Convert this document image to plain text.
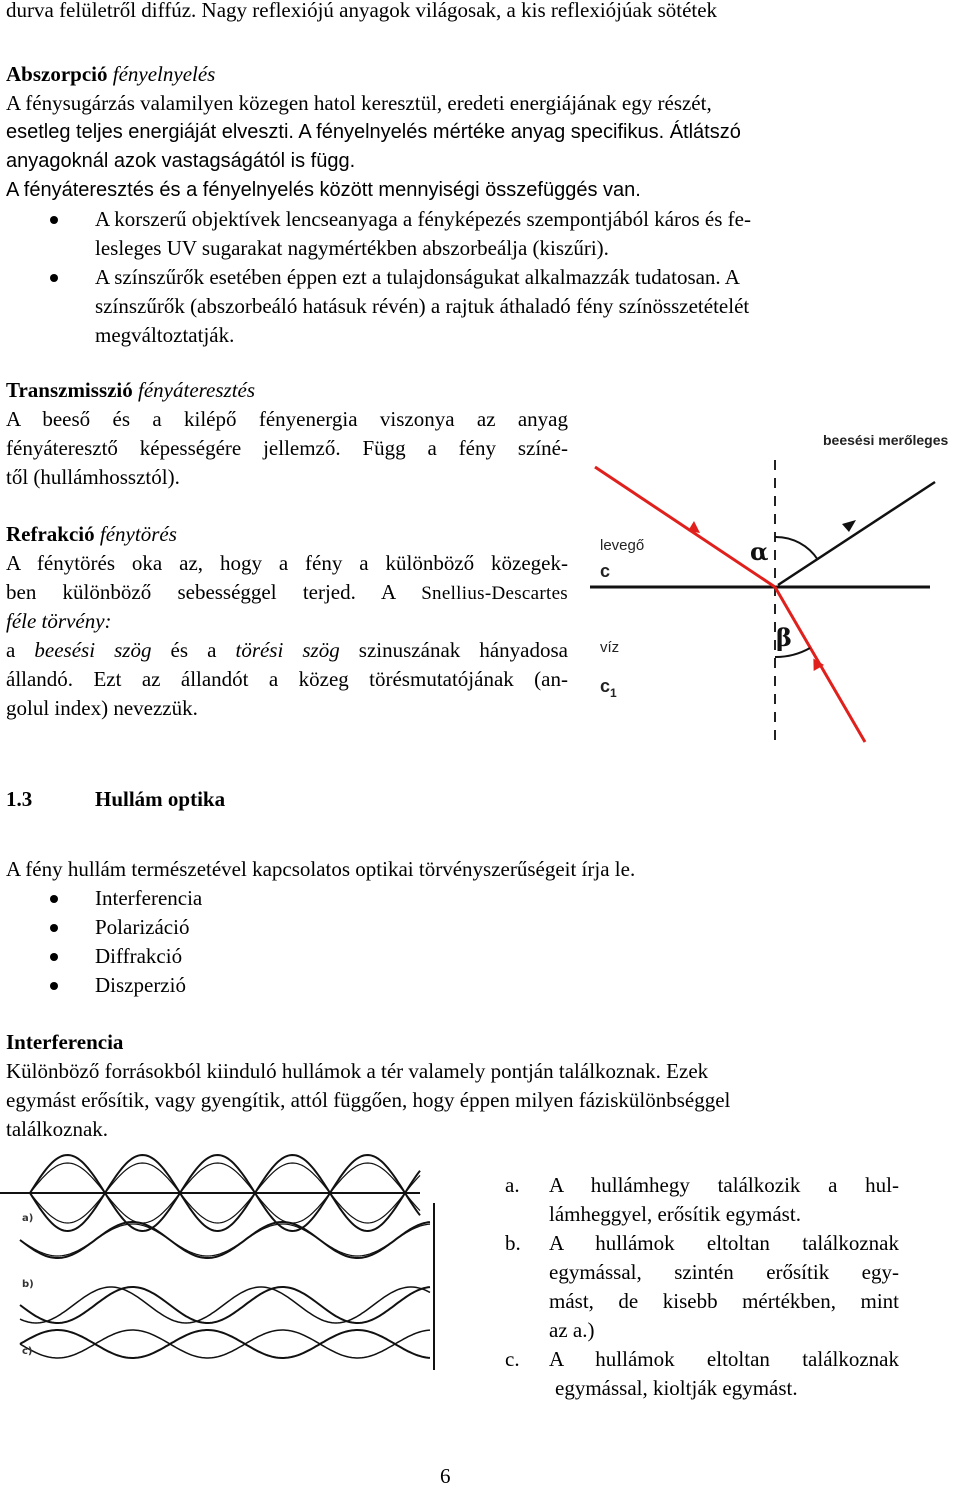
durva felületről diffúz. Nagy reflexiójú anyagok világosak, a kis reflexiójúak sötétek
Abszorpció fényelnyelés
A fénysugárzás valamilyen közegen hatol keresztül, eredeti energiájának egy részét,
esetleg teljes energiáját elveszti. A fényelnyelés mértéke anyag specifikus. Átlátszó
anyagoknál azok vastagságától is függ.
A fényáteresztés és a fényelnyelés között mennyiségi összefüggés van.
A korszerű objektívek lencseanyaga a fényképezés szempontjából káros és fe-
lesleges UV sugarakat nagymértékben abszorbeálja (kiszűri).
A színszűrők esetében éppen ezt a tulajdonságukat alkalmazzák tudatosan. A
színszűrők (abszorbeáló hatásuk révén) a rajtuk áthaladó fény színösszetételét
megváltoztatják.
Transzmisszió fényáteresztés
A beeső és a kilépő fényenergia viszonya az anyag
fényáteresztő képességére jellemző. Függ a fény színé-
től (hullámhossztól).
Refrakció fénytörés
A fénytörés oka az, hogy a fény a különböző közegek-
ben különböző sebességgel terjed. A Snellius-Descartes
féle törvény:
a beesési szög és a törési szög szinuszának hányadosa
állandó. Ezt az állandót a közeg törésmutatójának (an-
golul index) nevezzük.
beesési merőleges
α
β
levegő
c
víz
$c_1$
1.3	Hullám optika
A fény hullám természetével kapcsolatos optikai törvényszerűségeit írja le.
Interferencia
Polarizáció
Diffrakció
Diszperzió
Interferencia
Különböző forrásokból kiinduló hullámok a tér valamely pontján találkoznak. Ezek
egymást erősítik, vagy gyengítik, attól függően, hogy éppen milyen fáziskülönbséggel
találkoznak.
a)
b)
c)
a. A hullámhegy találkozik a hul-
lámheggyel, erősítik egymást.
b. A hullámok eltoltan találkoznak
egymással, szintén erősítik egy-
mást, de kisebb mértékben, mint
az a.)
c. A hullámok eltoltan találkoznak
egymással, kioltják egymást.
6
